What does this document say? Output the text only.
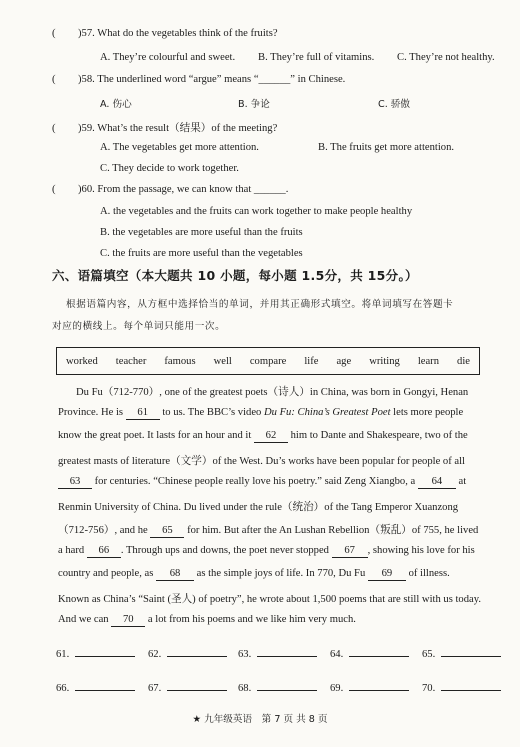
( )57. What do the vegetables think of the fruits?
A. They’re colourful and sweet. B. They’re full of vitamins. C. They’re not healthy.
( )58. The underlined word “argue” means “______” in Chinese.
A. 伤心	B. 争论	C. 骄傲
( )59. What’s the result（结果）of the meeting?
A. The vegetables get more attention.	B. The fruits get more attention.
C. They decide to work together.
( )60. From the passage, we can know that ______.
A. the vegetables and the fruits can work together to make people healthy
B. the vegetables are more useful than the fruits
C. the fruits are more useful than the vegetables
六、语篇填空（本大题共 10 小题，每小题 1.5分，共 15分。）
根据语篇内容，从方框中选择恰当的单词，并用其正确形式填空。将单词填写在答题卡
对应的横线上。每个单词只能用一次。
worked teacher famous well compare life age writing learn die
Du Fu（712-770）, one of the greatest poets（诗人）in China, was born in Gongyi, Henan
Province. He is 61 to us. The BBC’s video Du Fu: China’s Greatest Poet lets more people
know the great poet. It lasts for an hour and it 62 him to Dante and Shakespeare, two of the
greatest masts of literature（文学）of the West. Du’s works have been popular for people of all
63 for centuries. “Chinese people really love his poetry.” said Zeng Xiangbo, a 64 at
Renmin University of China. Du lived under the rule（统治）of the Tang Emperor Xuanzong
（712-756）, and he 65 for him. But after the An Lushan Rebellion（叛乱）of 755, he lived
a hard 66 . Through ups and downs, the poet never stopped 67 , showing his love for his
country and people, as 68 as the simple joys of life. In 770, Du Fu 69 of illness.
Known as China’s “Saint (圣人) of poetry”, he wrote about 1,500 poems that are still with us today.
And we can 70 a lot from his poems and we like him very much.
61.	62.	63.	64.	65.
66.	67.	68.	69.	70.
★ 九年级英语　第 7 页 共 8 页
